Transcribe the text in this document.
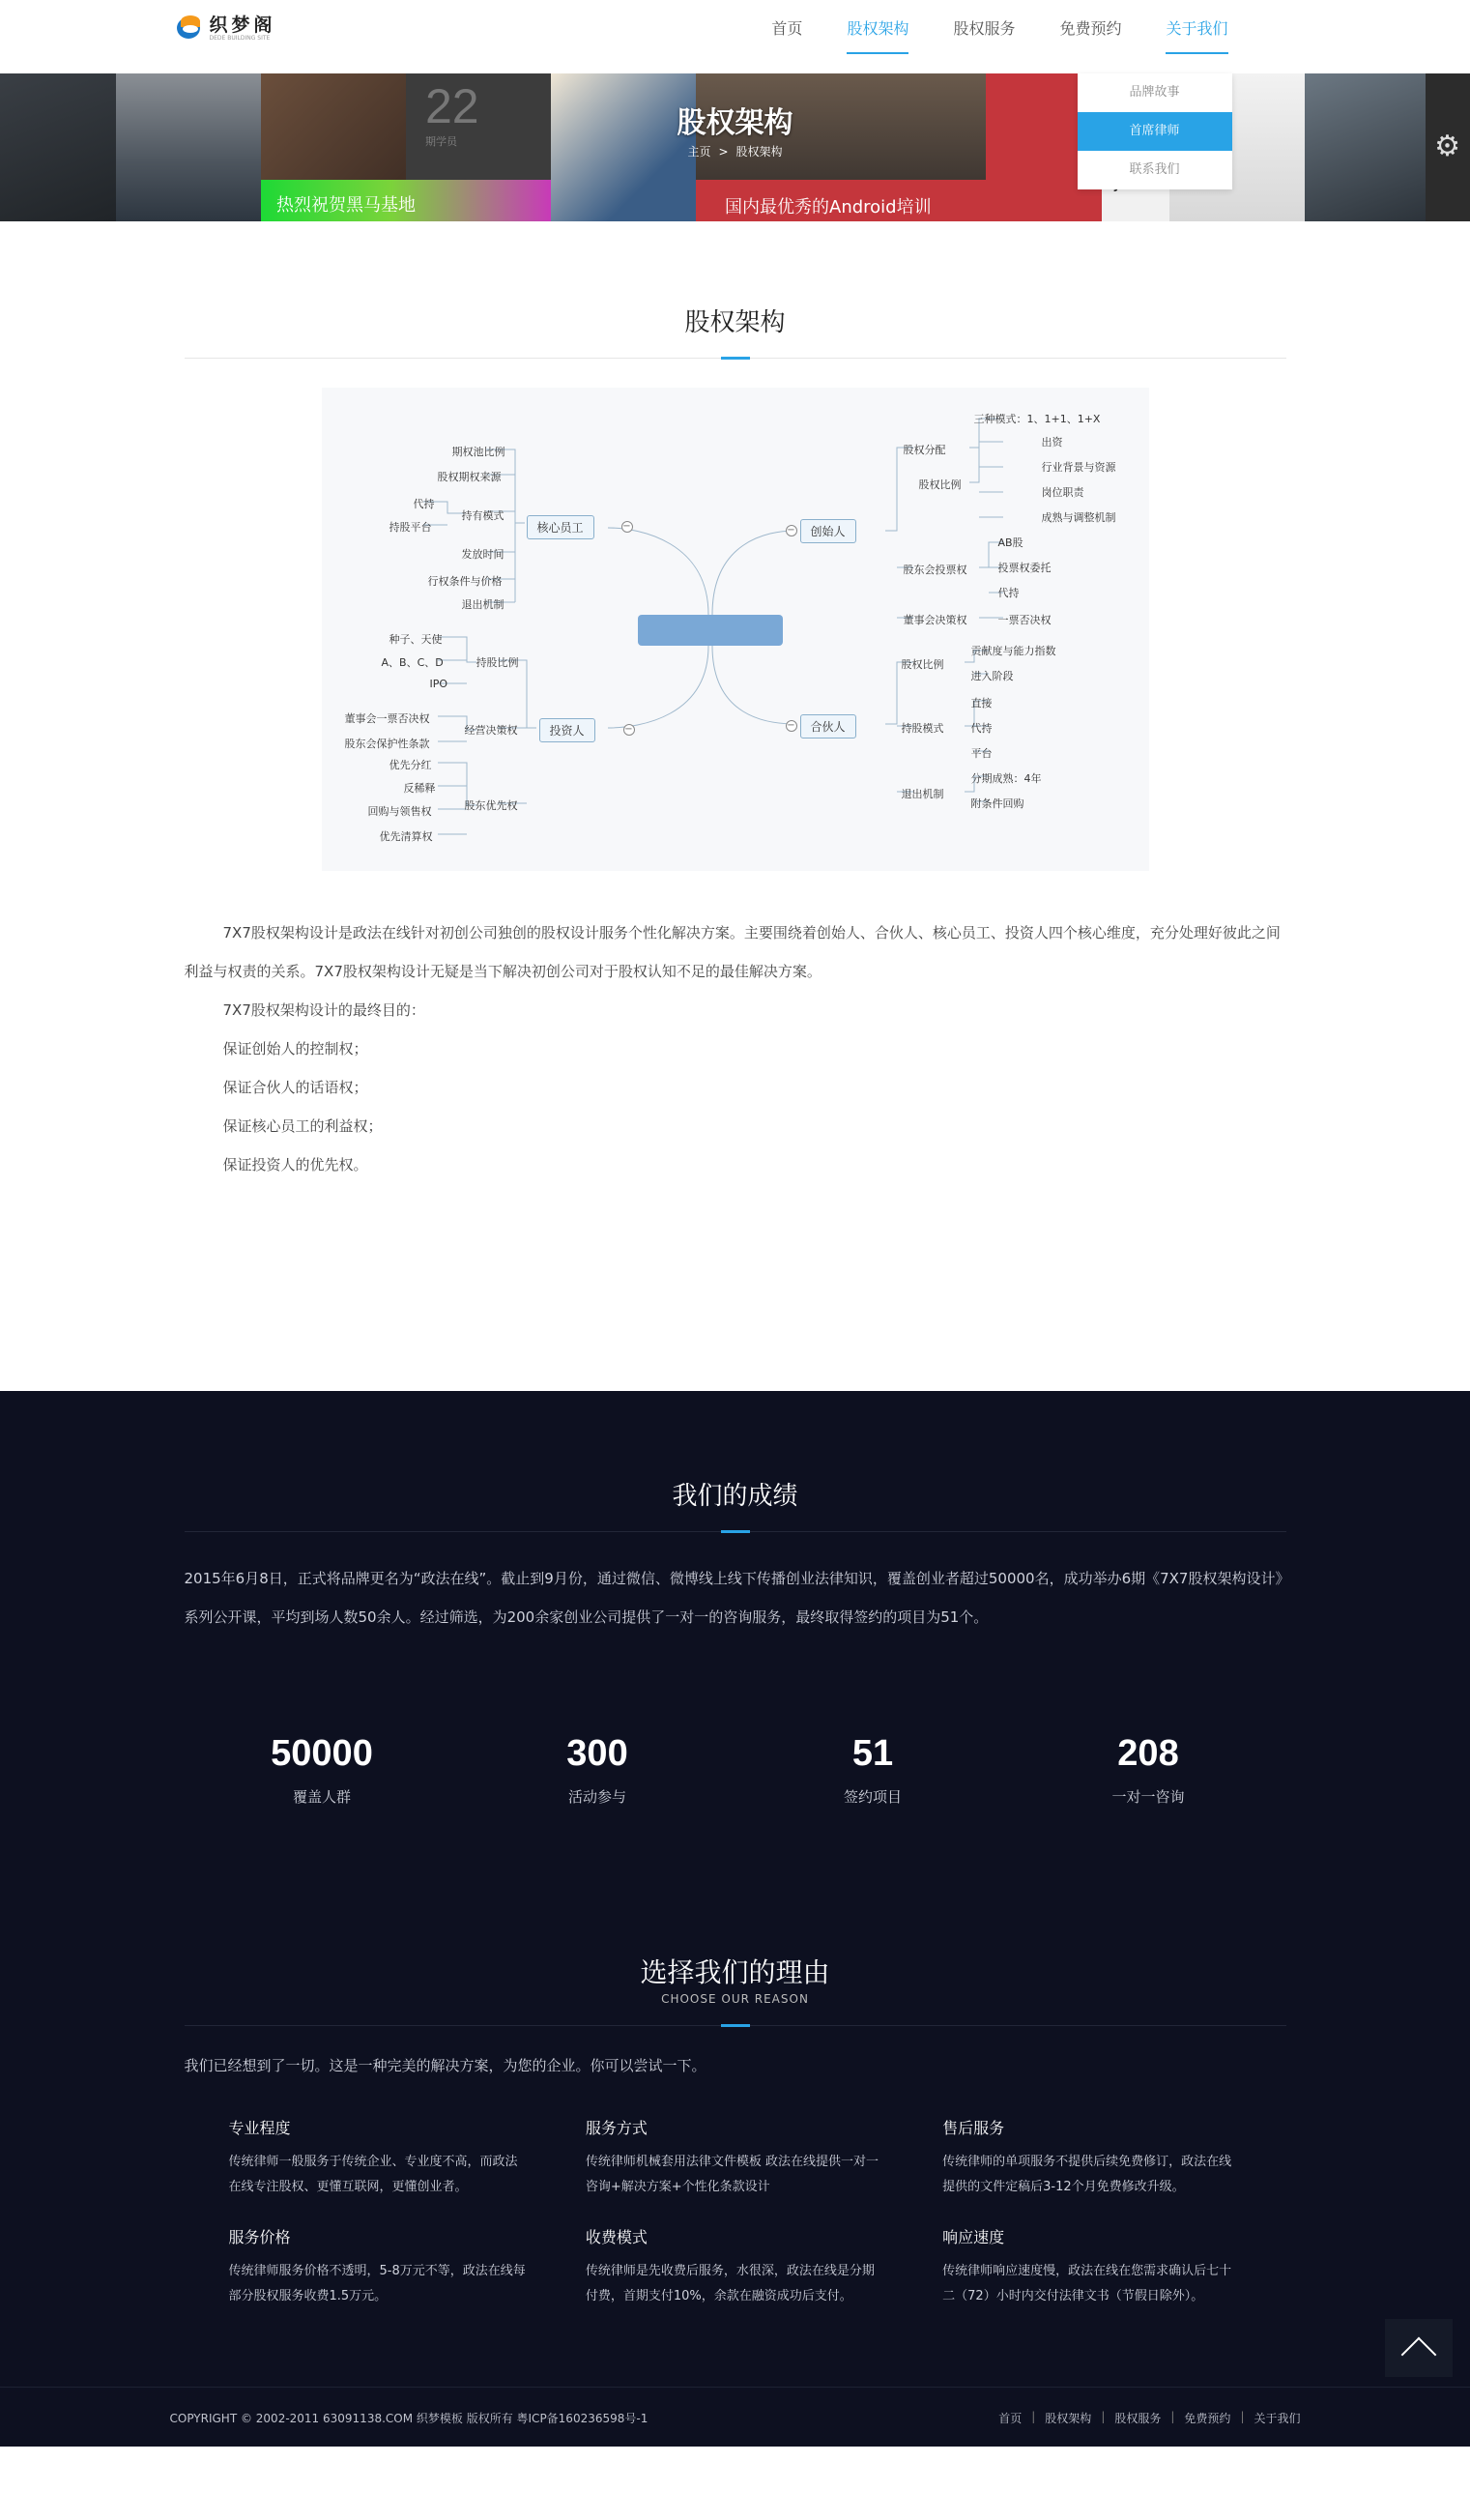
织梦阁
DEDE BUILDING SITE	首页	股权架构	股权服务	免费预约	关于我们
品牌故事
首席律师
联系我们
22
期学员
热烈祝贺黑马基地	国内最优秀的Android培训
⚙
股权架构
主页 > 股权架构
股权架构
核心员工	−
期权池比例
股权期权来源
持有模式
代持
持股平台
发放时间
行权条件与价格
退出机制
投资人	−
持股比例
种子、天使
A、B、C、D
IPO
经营决策权
董事会一票否决权
股东会保护性条款
股东优先权
优先分红
反稀释
回购与领售权
优先清算权
创始人
−
股权分配
三种模式：1、1+1、1+X
股权比例
出资
行业背景与资源
岗位职责
成熟与调整机制
股东会投票权
AB股
投票权委托
代持
董事会决策权	一票否决权
合伙人
−
股权比例
贡献度与能力指数
进入阶段
持股模式
直接
代持
平台
退出机制
分期成熟：4年
附条件回购

7X7股权架构设计是政法在线针对初创公司独创的股权设计服务个性化解决方案。主要围绕着创始人、合伙人、核心员工、投资人四个核心维度，充分处理好彼此之间利益与权责的关系。7X7股权架构设计无疑是当下解决初创公司对于股权认知不足的最佳解决方案。

7X7股权架构设计的最终目的：

保证创始人的控制权；

保证合伙人的话语权；

保证核心员工的利益权；

保证投资人的优先权。

我们的成绩
2015年6月8日，正式将品牌更名为“政法在线”。截止到9月份，通过微信、微博线上线下传播创业法律知识，覆盖创业者超过50000名，成功举办6期《7X7股权架构设计》系列公开课，平均到场人数50余人。经过筛选，为200余家创业公司提供了一对一的咨询服务，最终取得签约的项目为51个。
50000
覆盖人群
300
活动参与
51
签约项目
208
一对一咨询
选择我们的理由
CHOOSE OUR REASON
我们已经想到了一切。这是一种完美的解决方案，为您的企业。你可以尝试一下。
专业程度
传统律师一般服务于传统企业、专业度不高，而政法在线专注股权、更懂互联网，更懂创业者。
服务方式
传统律师机械套用法律文件模板 政法在线提供一对一咨询+解决方案+个性化条款设计
售后服务
传统律师的单项服务不提供后续免费修订，政法在线提供的文件定稿后3-12个月免费修改升级。
服务价格
传统律师服务价格不透明，5-8万元不等，政法在线每部分股权服务收费1.5万元。
收费模式
传统律师是先收费后服务，水很深，政法在线是分期付费，首期支付10%，余款在融资成功后支付。
响应速度
传统律师响应速度慢，政法在线在您需求确认后七十二（72）小时内交付法律文书（节假日除外）。
COPYRIGHT © 2002-2011 63091138.COM 织梦模板 版权所有 粤ICP备160236598号-1	首页 | 股权架构 | 股权服务 | 免费预约 | 关于我们
